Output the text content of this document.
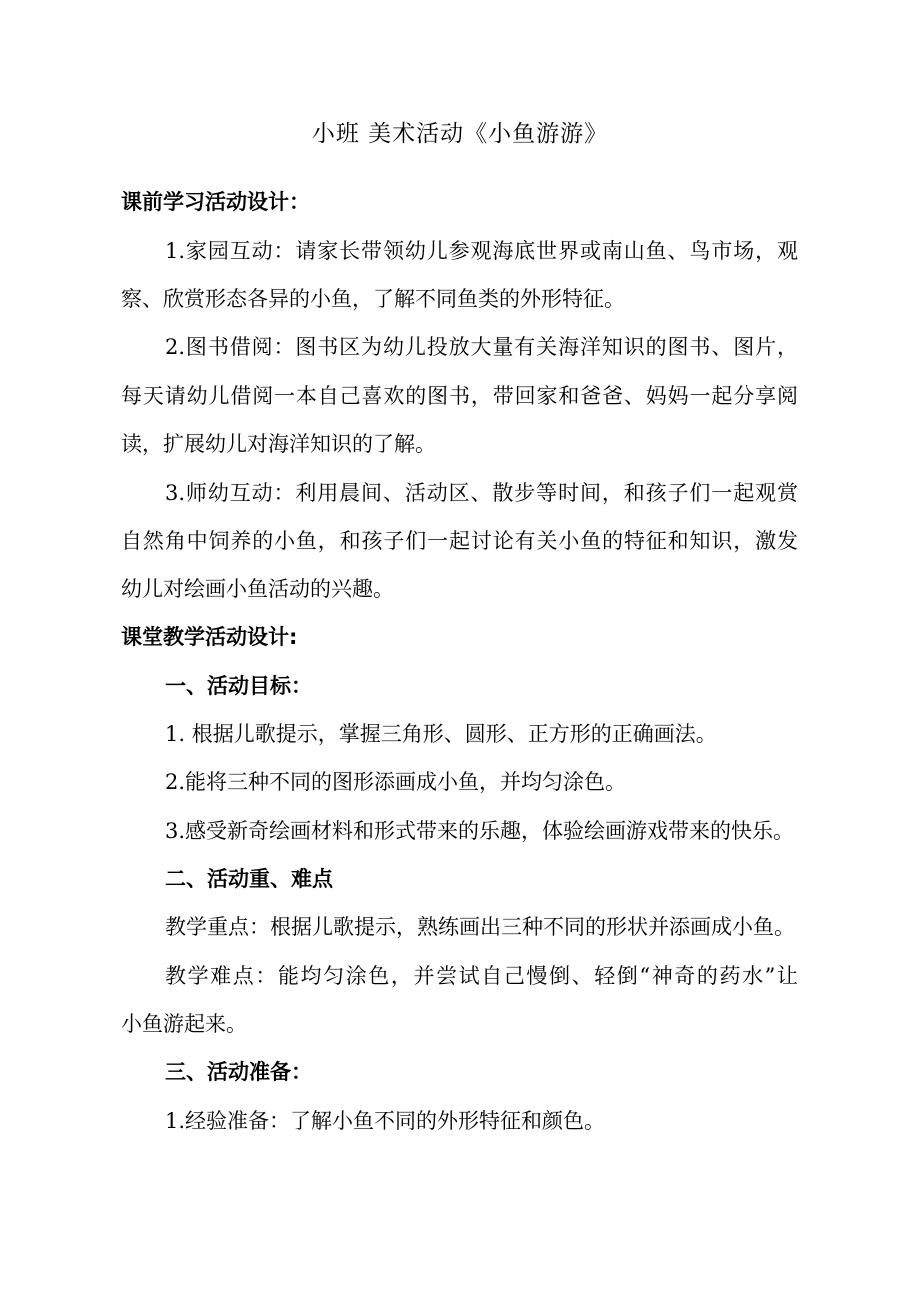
小班 美术活动《小鱼游游》
课前学习活动设计：
1.家园互动：请家长带领幼儿参观海底世界或南山鱼、鸟市场，观
察、欣赏形态各异的小鱼，了解不同鱼类的外形特征。
2.图书借阅：图书区为幼儿投放大量有关海洋知识的图书、图片，
每天请幼儿借阅一本自己喜欢的图书，带回家和爸爸、妈妈一起分享阅
读，扩展幼儿对海洋知识的了解。
3.师幼互动：利用晨间、活动区、散步等时间，和孩子们一起观赏
自然角中饲养的小鱼，和孩子们一起讨论有关小鱼的特征和知识，激发
幼儿对绘画小鱼活动的兴趣。
课堂教学活动设计:
一、活动目标：
1. 根据儿歌提示，掌握三角形、圆形、正方形的正确画法。
2.能将三种不同的图形添画成小鱼，并均匀涂色。
3.感受新奇绘画材料和形式带来的乐趣，体验绘画游戏带来的快乐。
二、活动重、难点
教学重点：根据儿歌提示，熟练画出三种不同的形状并添画成小鱼。
教学难点：能均匀涂色，并尝试自己慢倒、轻倒“神奇的药水”让
小鱼游起来。
三、活动准备：
1.经验准备：了解小鱼不同的外形特征和颜色。
